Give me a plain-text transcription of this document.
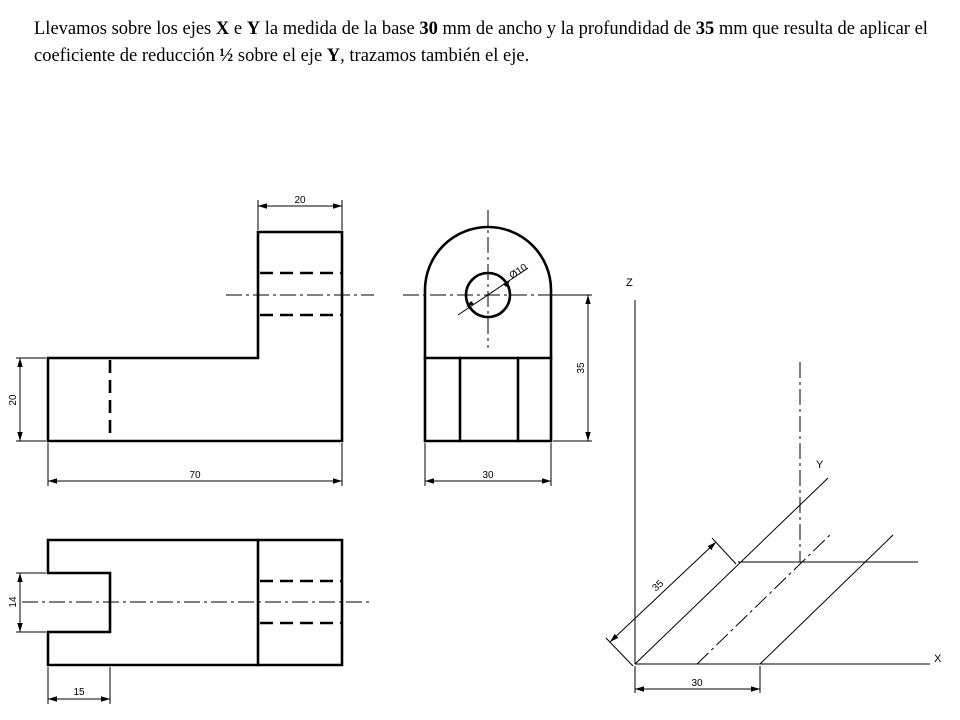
Llevamos sobre los ejes X e Y la medida de la base 30 mm de ancho y la profundidad de 35 mm que resulta de aplicar el coeficiente de reducción ½ sobre el eje Y, trazamos también el eje.

20
20
70
Ø10
35
30
14
15
Z
X
Y
35
30
